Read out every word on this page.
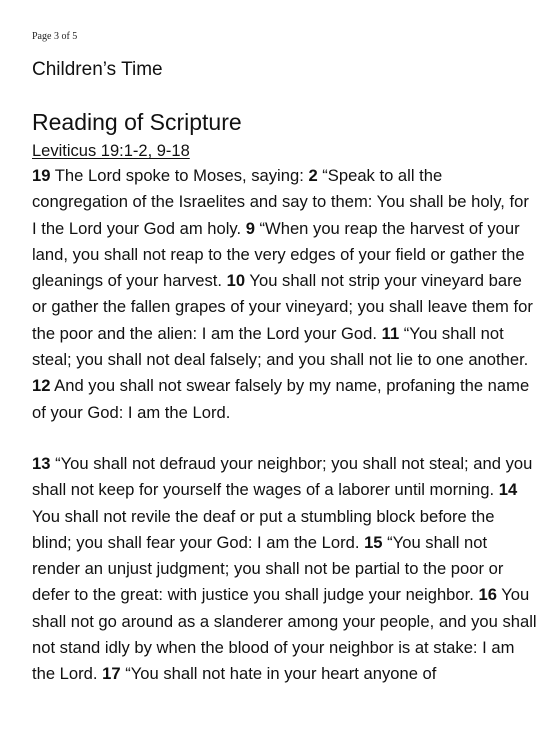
Page 3 of 5
Children’s Time
Reading of Scripture
Leviticus 19:1-2, 9-18

19 The Lord spoke to Moses, saying: 2 “Speak to all the congregation of the Israelites and say to them: You shall be holy, for I the Lord your God am holy. 9 “When you reap the harvest of your land, you shall not reap to the very edges of your field or gather the gleanings of your harvest. 10 You shall not strip your vineyard bare or gather the fallen grapes of your vineyard; you shall leave them for the poor and the alien: I am the Lord your God. 11 “You shall not steal; you shall not deal falsely; and you shall not lie to one another. 12 And you shall not swear falsely by my name, profaning the name of your God: I am the Lord.

13 “You shall not defraud your neighbor; you shall not steal; and you shall not keep for yourself the wages of a laborer until morning. 14 You shall not revile the deaf or put a stumbling block before the blind; you shall fear your God: I am the Lord. 15 “You shall not render an unjust judgment; you shall not be partial to the poor or defer to the great: with justice you shall judge your neighbor. 16 You shall not go around as a slanderer among your people, and you shall not stand idly by when the blood of your neighbor is at stake: I am the Lord. 17 “You shall not hate in your heart anyone of
